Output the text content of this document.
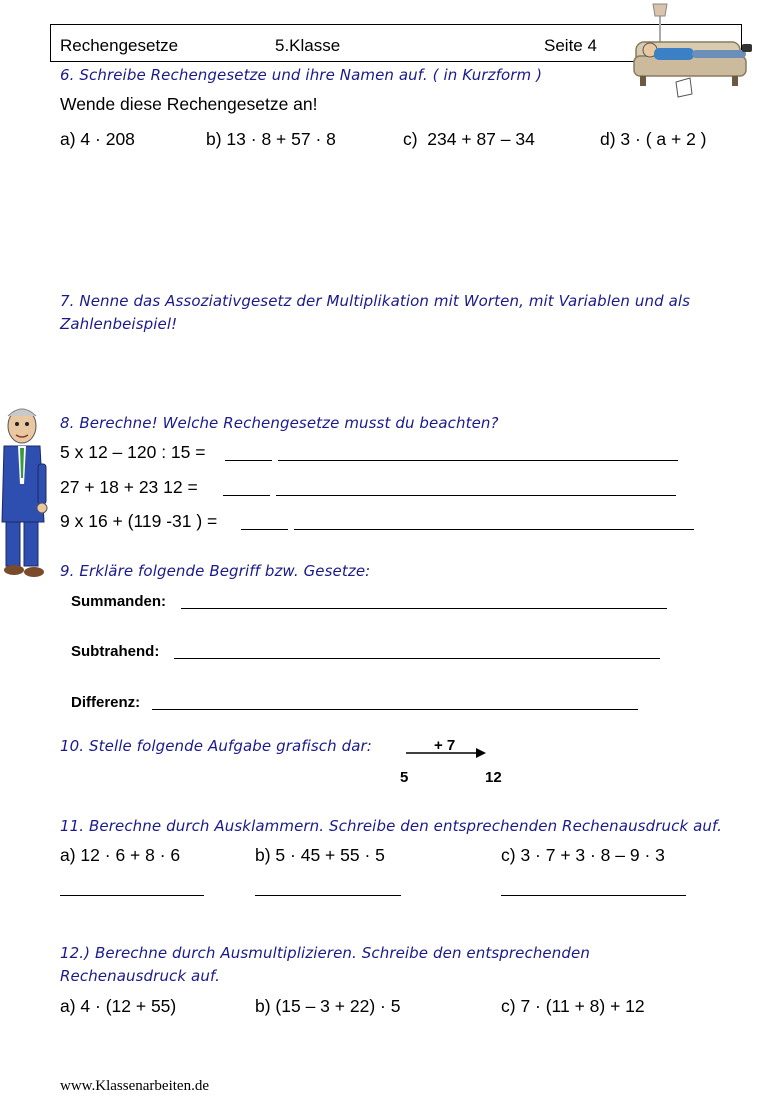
Rechengesetze	5.Klasse	Seite 4
6. Schreibe Rechengesetze und ihre Namen auf. ( in Kurzform )
Wende diese Rechengesetze an!
a) 4 · 208	b) 13 · 8 + 57 · 8	c)  234 + 87 – 34	d) 3 · ( a + 2 )
7. Nenne das Assoziativgesetz der Multiplikation mit Worten, mit Variablen und als
Zahlenbeispiel!
8. Berechne! Welche Rechengesetze musst du beachten?
5 x 12 – 120 : 15 =
27 + 18 + 23 12 =
9 x 16 + (119 -31 ) =
9. Erkläre folgende Begriff bzw. Gesetze:
Summanden:
Subtrahend:
Differenz:
10. Stelle folgende Aufgabe grafisch dar:	+ 7
5	12
11. Berechne durch Ausklammern. Schreibe den entsprechenden Rechenausdruck auf.
a) 12 · 6 + 8 · 6	b) 5 · 45 + 55 · 5	c) 3 · 7 + 3 · 8 – 9 · 3
12.) Berechne durch Ausmultiplizieren. Schreibe den entsprechenden
Rechenausdruck auf.
a) 4 · (12 + 55)	b) (15 – 3 + 22) · 5	c) 7 · (11 + 8) + 12
www.Klassenarbeiten.de
